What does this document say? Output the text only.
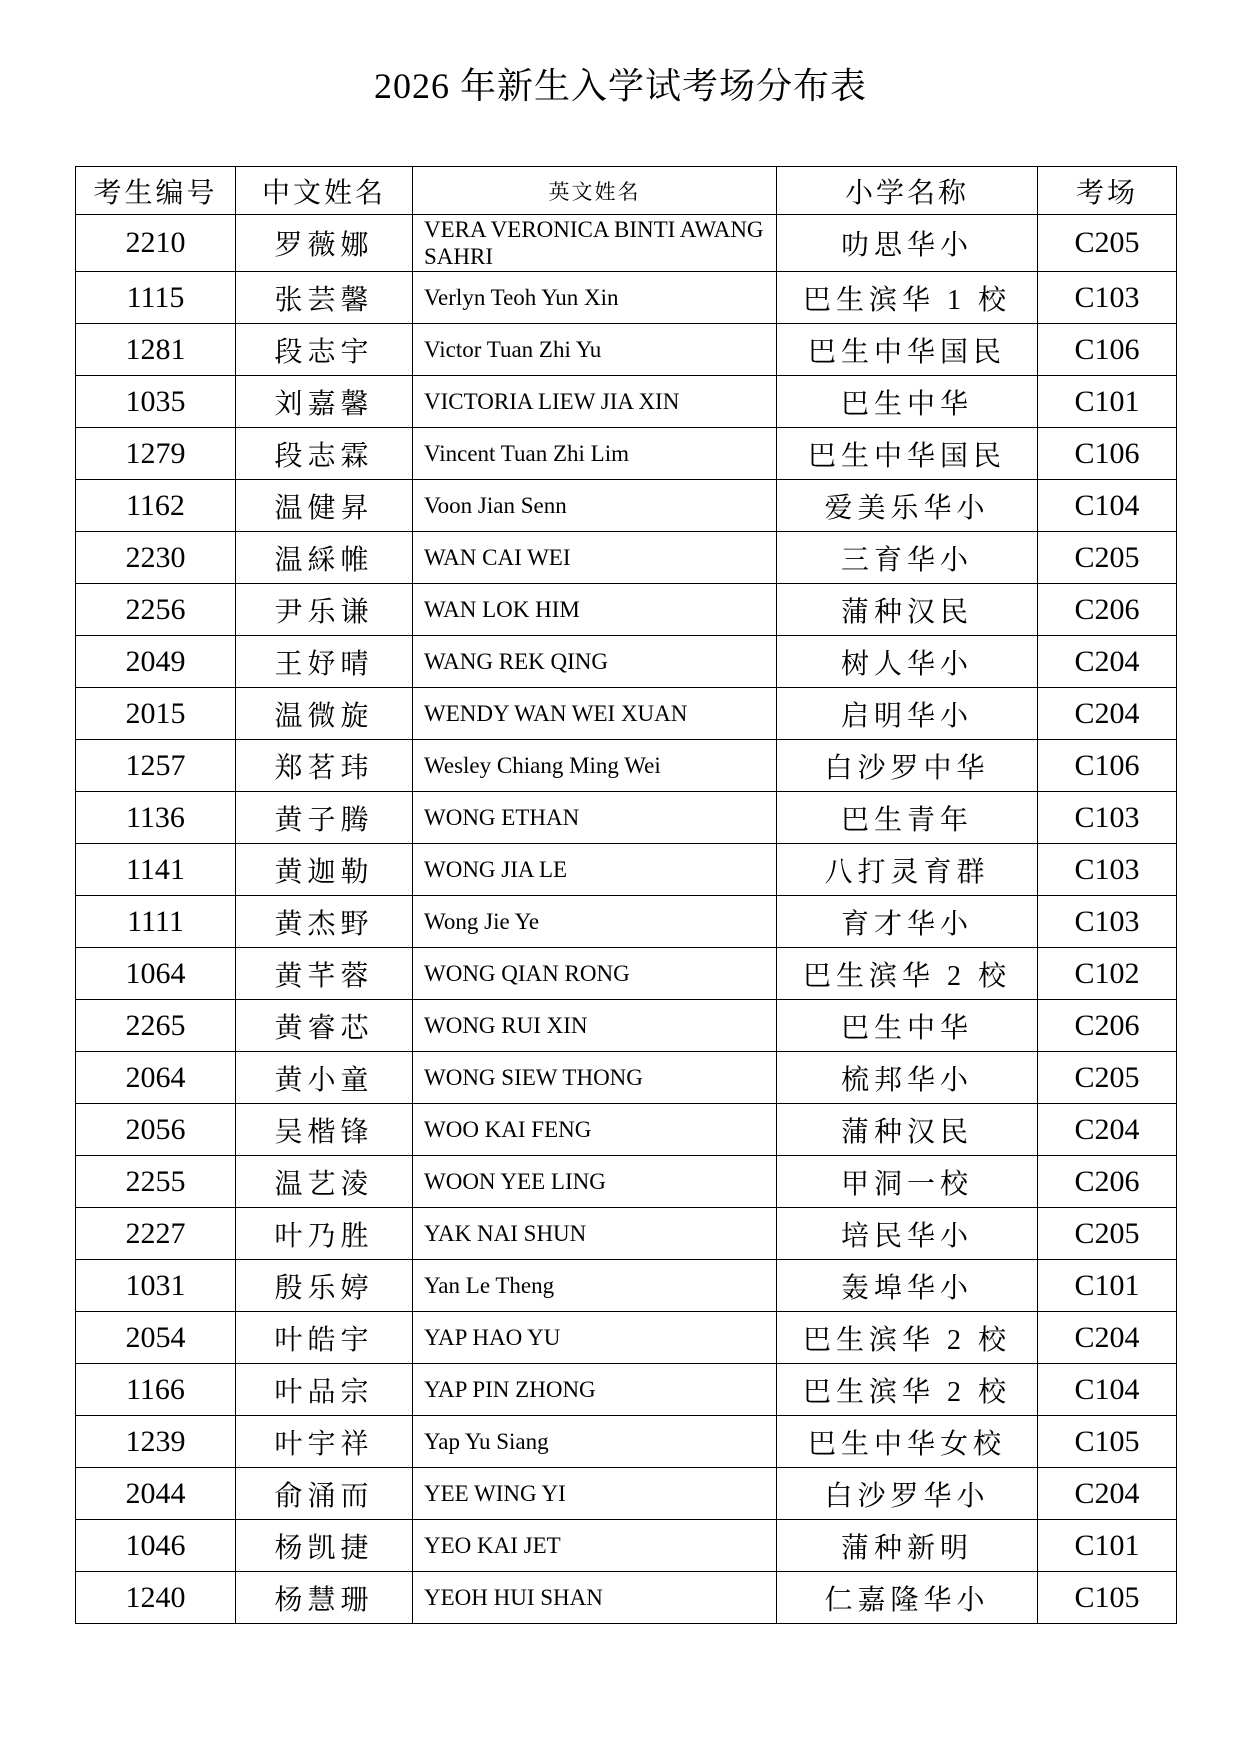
2026 年新生入学试考场分布表
考生编号	中文姓名	英文姓名	小学名称	考场
2210	罗薇娜	VERA VERONICA BINTI AWANG SAHRI	叻思华小	C205
1115	张芸馨	Verlyn Teoh Yun Xin	巴生滨华 1 校	C103
1281	段志宇	Victor Tuan Zhi Yu	巴生中华国民	C106
1035	刘嘉馨	VICTORIA LIEW JIA XIN	巴生中华	C101
1279	段志霖	Vincent Tuan Zhi Lim	巴生中华国民	C106
1162	温健昇	Voon Jian Senn	爱美乐华小	C104
2230	温綵帷	WAN CAI WEI	三育华小	C205
2256	尹乐谦	WAN LOK HIM	蒲种汉民	C206
2049	王妤晴	WANG REK QING	树人华小	C204
2015	温微旋	WENDY WAN WEI XUAN	启明华小	C204
1257	郑茗玮	Wesley Chiang Ming Wei	白沙罗中华	C106
1136	黄子腾	WONG ETHAN	巴生青年	C103
1141	黄迦勒	WONG JIA LE	八打灵育群	C103
1111	黄杰野	Wong Jie Ye	育才华小	C103
1064	黄芊蓉	WONG QIAN RONG	巴生滨华 2 校	C102
2265	黄睿芯	WONG RUI XIN	巴生中华	C206
2064	黄小童	WONG SIEW THONG	梳邦华小	C205
2056	吴楷锋	WOO KAI FENG	蒲种汉民	C204
2255	温艺淩	WOON YEE LING	甲洞一校	C206
2227	叶乃胜	YAK NAI SHUN	培民华小	C205
1031	殷乐婷	Yan Le Theng	轰埠华小	C101
2054	叶皓宇	YAP HAO YU	巴生滨华 2 校	C204
1166	叶品宗	YAP PIN ZHONG	巴生滨华 2 校	C104
1239	叶宇祥	Yap Yu Siang	巴生中华女校	C105
2044	俞涌而	YEE WING YI	白沙罗华小	C204
1046	杨凯捷	YEO KAI JET	蒲种新明	C101
1240	杨慧珊	YEOH HUI SHAN	仁嘉隆华小	C105
